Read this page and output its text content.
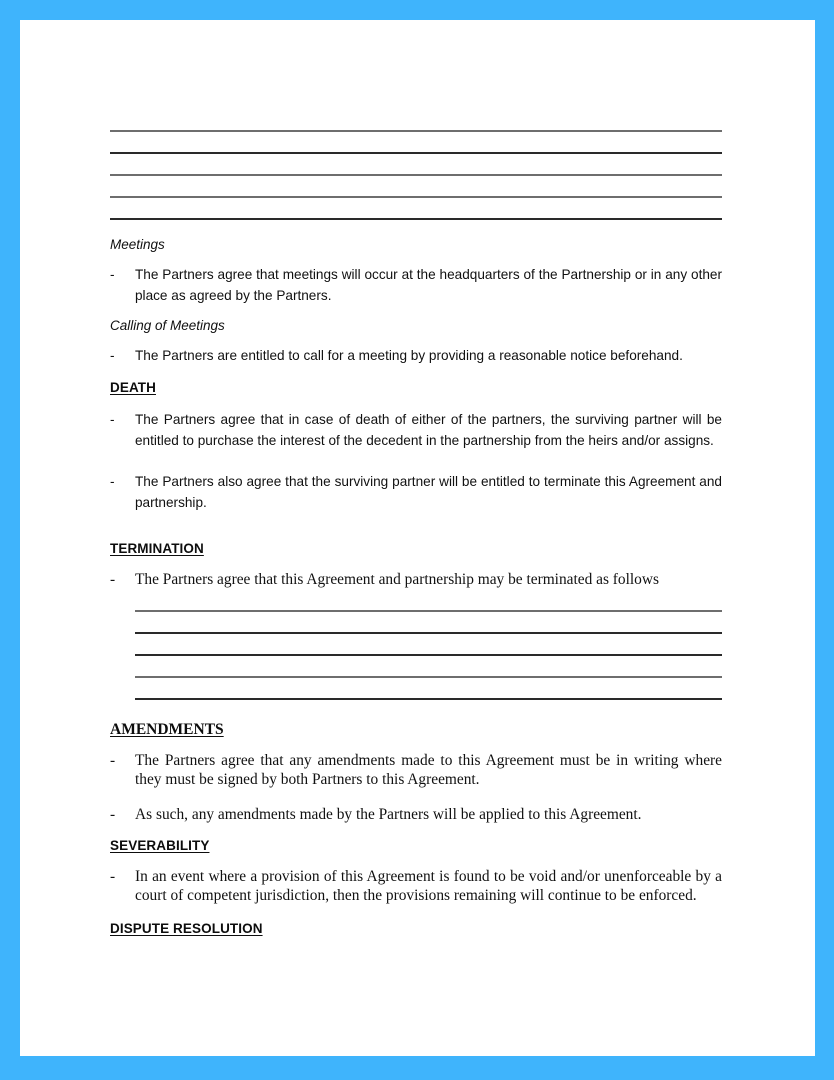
Meetings
-	The Partners agree that meetings will occur at the headquarters of the Partnership or in any other place as agreed by the Partners.
Calling of Meetings
-	The Partners are entitled to call for a meeting by providing a reasonable notice beforehand.
DEATH
-	The Partners agree that in case of death of either of the partners, the surviving partner will be entitled to purchase the interest of the decedent in the partnership from the heirs and/or assigns.
-	The Partners also agree that the surviving partner will be entitled to terminate this Agreement and partnership.
TERMINATION
-	The Partners agree that this Agreement and partnership may be terminated as follows
AMENDMENTS
-	The Partners agree that any amendments made to this Agreement must be in writing where they must be signed by both Partners to this Agreement.
-	As such, any amendments made by the Partners will be applied to this Agreement.
SEVERABILITY
-	In an event where a provision of this Agreement is found to be void and/or unenforceable by a court of competent jurisdiction, then the provisions remaining will continue to be enforced.
DISPUTE RESOLUTION
